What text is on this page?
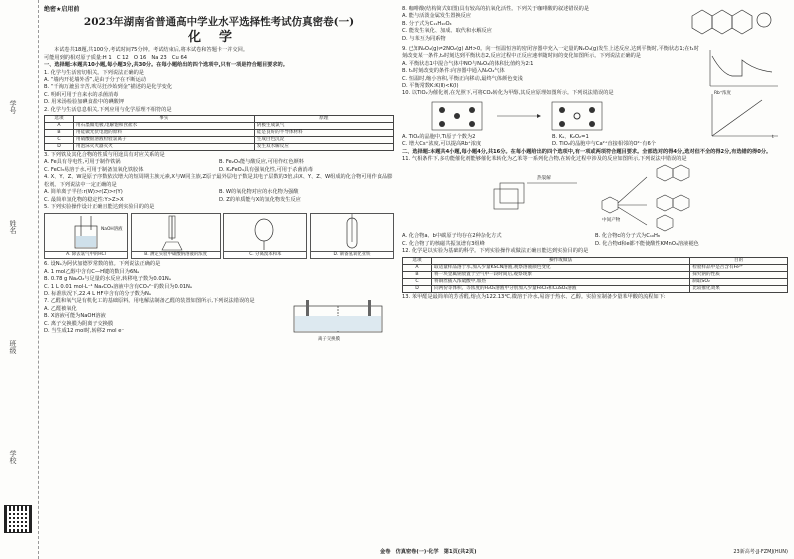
学号
姓名
班级
学校
绝密★启用前
2023年湖南省普通高中学业水平选择性考试仿真密卷(一)
化学

本试卷共18题,共100分,考试时间75分钟。考试结束后,将本试卷和答题卡一并交回。

可能用到的相对原子质量:H 1　C 12　O 16　Na 23　Cu 64

一、选择题:本题共10小题,每小题3分,共30分。在每小题给出的四个选项中,只有一项是符合题目要求的。

1. 化学与生活密切相关。下列说法正确的是

A. “墙内开花墙外香”,是由于分子在不断运动

B. “千淘万漉虽辛苦,吹尽狂沙始到金”描述的是化学变化

C. 明矾可用于自来水的杀菌消毒

D. 用米汤检验加碘食盐中的碘酸钾

2. 化学与生活息息相关,下列应用与化学原理不相符的是

选项	事实	原理
A	用石墨做电极,电解饱和食盐水	阴极生成氯气
B	用硅做光伏电池的原料	硅是良好的半导体材料
C	用硝酸银溶液检验氯离子	生成白色沉淀
D	用泡沫灭火器灭火	发生双水解反应

3. 下列铁及其化合物的性质与用途具有对应关系的是

A. Fe具有导电性,可用于制作铁锅	B. Fe₂O₃能与酸反应,可用作红色颜料
C. FeCl₃易溶于水,可用于制备氢氧化铁胶体	D. K₂FeO₄具有强氧化性,可用于杀菌消毒

4. X、Y、Z、W是原子序数依次增大的短周期主族元素,X与W同主族,Z原子最外层电子数是其电子层数的3倍,由X、Y、Z、W组成的化合物可用作食品膨松剂。下列说法中一定正确的是

A. 简单离子半径:r(W)>r(Z)>r(Y)	B. W的氧化物对应的水化物为强酸
C. 最简单氢化物的稳定性:Y>Z>X	D. Z的单质能与X的氢化物发生反应

5. 下列实验操作设计正确且能达到实验目的的是

NaOH溶液
A. 除去氯气中的HCl	B. 测定实验中碳酸钠溶液的浓度	C. 分离溴苯和苯	D. 制备氢氧化亚铁

6. 设Nₐ为阿伏加德罗常数的值。下列说法正确的是

A. 1 mol乙醇中含有C—H键的数目为6Nₐ

B. 0.78 g Na₂O₂与足量的水反应,转移电子数为0.01Nₐ

C. 1 L 0.01 mol·L⁻¹ Na₂CO₃溶液中含有CO₃²⁻的数目为0.01Nₐ

D. 标准状况下,22.4 L HF中含有的分子数为Nₐ

7. 乙醛和氧气是有机化工的基础原料。用电解法制备乙醛的装置如图所示,下列说法错误的是

A. 乙醛被氧化

B. X溶液可能为NaOH溶液

C. 离子交换膜为阴离子交换膜

D. 当生成12 mol时,转移2 mol e⁻

离子交换膜

8. 咖啡酸(结构简式如图)具有较高的抗氧化活性。下列关于咖啡酸的叙述错误的是

A. 能与活泼金属发生置换反应

B. 分子式为C₁₁H₁₀O₄

C. 能发生氧化、加成、取代和水解反应

D. 与苯互为同系物

9. 已知N₂O₄(g)⇌2NO₂(g) ΔH>0。向一恒温恒容的密闭容器中充入一定量的N₂O₄(g)发生上述反应,达到平衡时,平衡状态1;在t₁时刻改变某一条件,t₂时刻达到平衡状态2,反应过程中正反应速率随时间的变化如图所示。下列说法正确的是

A. 平衡状态1中混合气体中NO与N₂O₄的体积比值约为2∶1

B. t₁时刻改变的条件:向容器中通入N₂O₄气体

C. 恒温时,缩小容积,平衡正向移动,最终气体颜色变浅

D. 平衡常数K:K(Ⅱ)<K(Ⅰ)

10. 以TiO₂为催化剂,在光照下,可将CO₂转化为甲醇,其反应原理如图所示。下列说法错误的是

A. TiO₂的晶胞中,Ti原子个数为2	B. Kₐ、K₂O₂=1
C. 增大Cs⁺浓度,可以提高Rb⁺浓度	D. TiO₂的晶胞中与Ca²⁺直接相邻的O²⁻有6个
t
Rb⁺浓度

二、选择题:本题共4小题,每小题4分,共16分。在每小题给出的四个选项中,有一项或两项符合题目要求。全部选对的得4分,选对但不全的得2分,有选错的得0分。

11. 气相条件下,多功能催化剂能够催化苯转化为乙苯等一系列化合物,在转化过程中涉及的反应如图所示,下列说法中错误的是

热裂解
中间产物
A. 化合物a、b中碳原子均存在2种杂化方式	B. 化合物c的分子式为C₁₀H₈
C. 化合物了的核磁共振氢谱有3组峰	D. 化合物d和e都不能使酸性KMnO₄溶液褪色

12. 化学是以实验为基础的科学。下列实验操作或做法正确且能达到实验目的的是

选项	操作或做法	目的
A	取适量样品溶于水,加入少量KSCN溶液,观察溶液颜色变化	检验样品中是否含有Fe³⁺
B	将一块金属钠放置于空气中一段时间后,观察现象	探究钠的性质
C	将铜丝插入浓硫酸中,加热	制取SO₂
D	向两份等体积、等浓度的H₂O₂溶液中分别加入少量FeCl₃和CuSO₄溶液	比较催化效果

13. 苯甲醛是最简单的芳香醛,熔点为122.13℃,微溶于冷水,易溶于热水、乙醇。实验室制备少量苯甲酸的流程如下:

金卷　仿真密卷(一)·化学　第1页(共2页)	23新高考·JJ·FZMJ(HUN)
